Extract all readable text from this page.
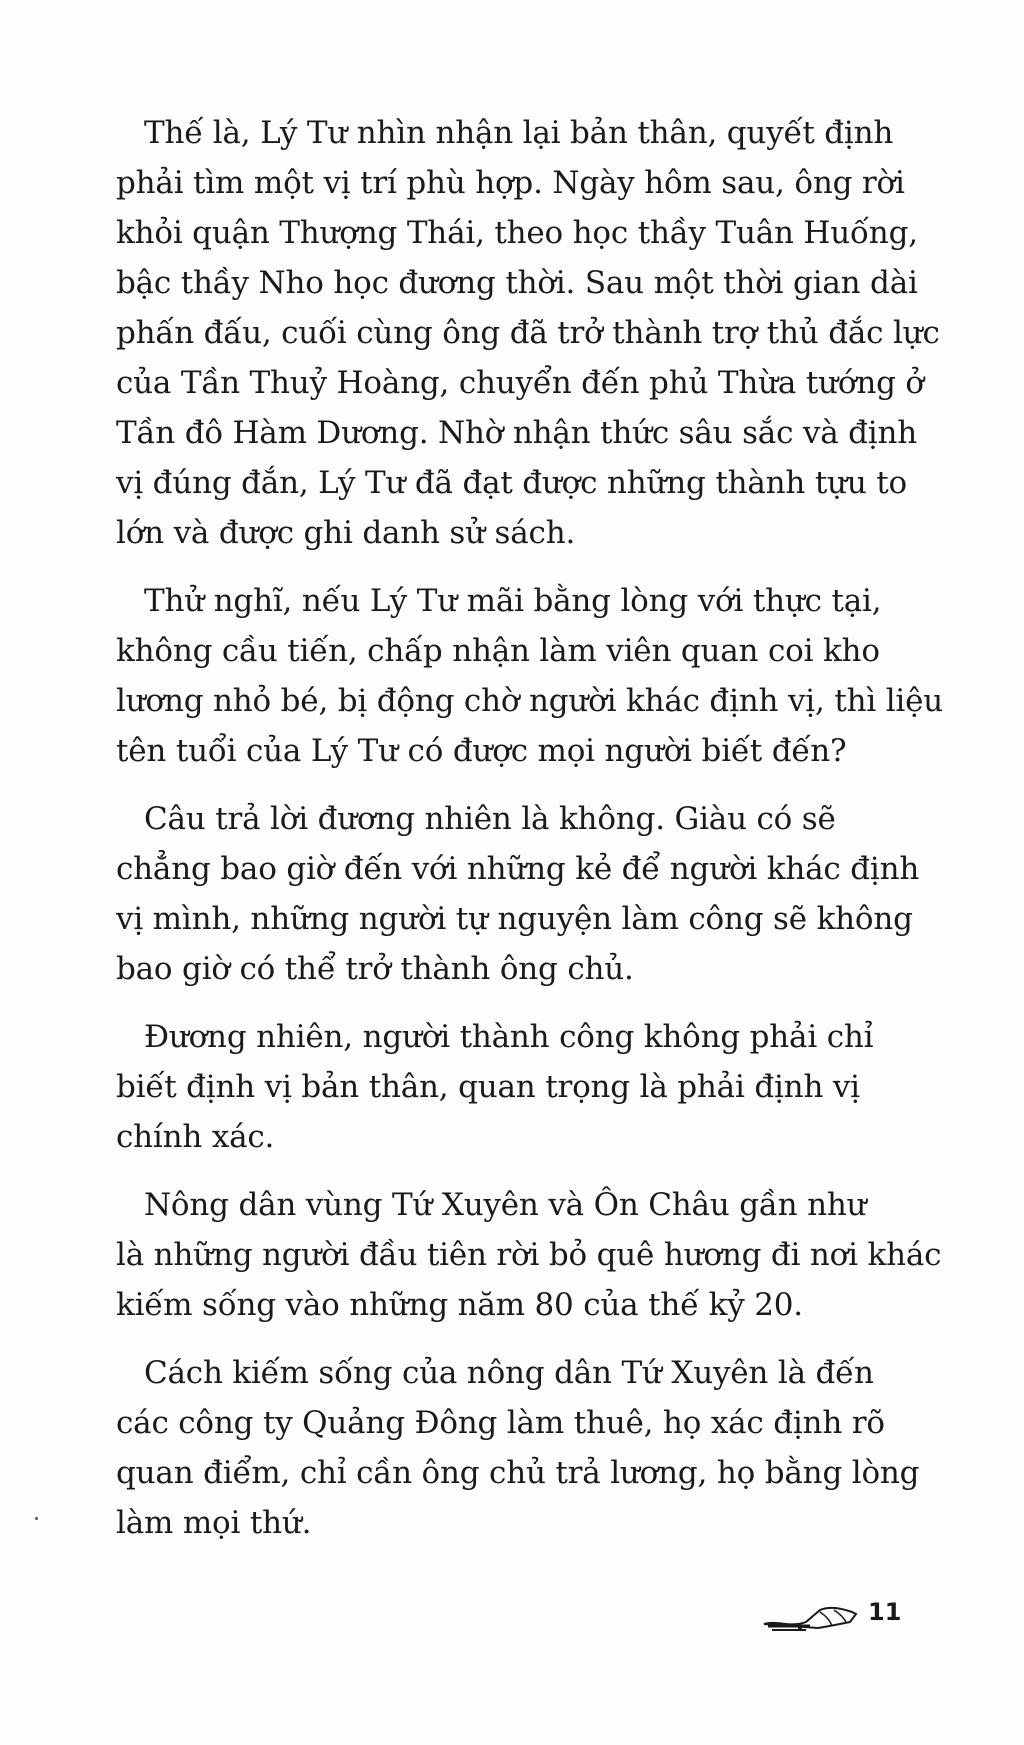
Thế là, Lý Tư nhìn nhận lại bản thân, quyết định
phải tìm một vị trí phù hợp. Ngày hôm sau, ông rời
khỏi quận Thượng Thái, theo học thầy Tuân Huống,
bậc thầy Nho học đương thời. Sau một thời gian dài
phấn đấu, cuối cùng ông đã trở thành trợ thủ đắc lực
của Tần Thuỷ Hoàng, chuyển đến phủ Thừa tướng ở
Tần đô Hàm Dương. Nhờ nhận thức sâu sắc và định
vị đúng đắn, Lý Tư đã đạt được những thành tựu to
lớn và được ghi danh sử sách.

Thử nghĩ, nếu Lý Tư mãi bằng lòng với thực tại,
không cầu tiến, chấp nhận làm viên quan coi kho
lương nhỏ bé, bị động chờ người khác định vị, thì liệu
tên tuổi của Lý Tư có được mọi người biết đến?

Câu trả lời đương nhiên là không. Giàu có sẽ
chẳng bao giờ đến với những kẻ để người khác định
vị mình, những người tự nguyện làm công sẽ không
bao giờ có thể trở thành ông chủ.

Đương nhiên, người thành công không phải chỉ
biết định vị bản thân, quan trọng là phải định vị
chính xác.

Nông dân vùng Tứ Xuyên và Ôn Châu gần như
là những người đầu tiên rời bỏ quê hương đi nơi khác
kiếm sống vào những năm 80 của thế kỷ 20.

Cách kiếm sống của nông dân Tứ Xuyên là đến
các công ty Quảng Đông làm thuê, họ xác định rõ
quan điểm, chỉ cần ông chủ trả lương, họ bằng lòng
làm mọi thứ.

11
